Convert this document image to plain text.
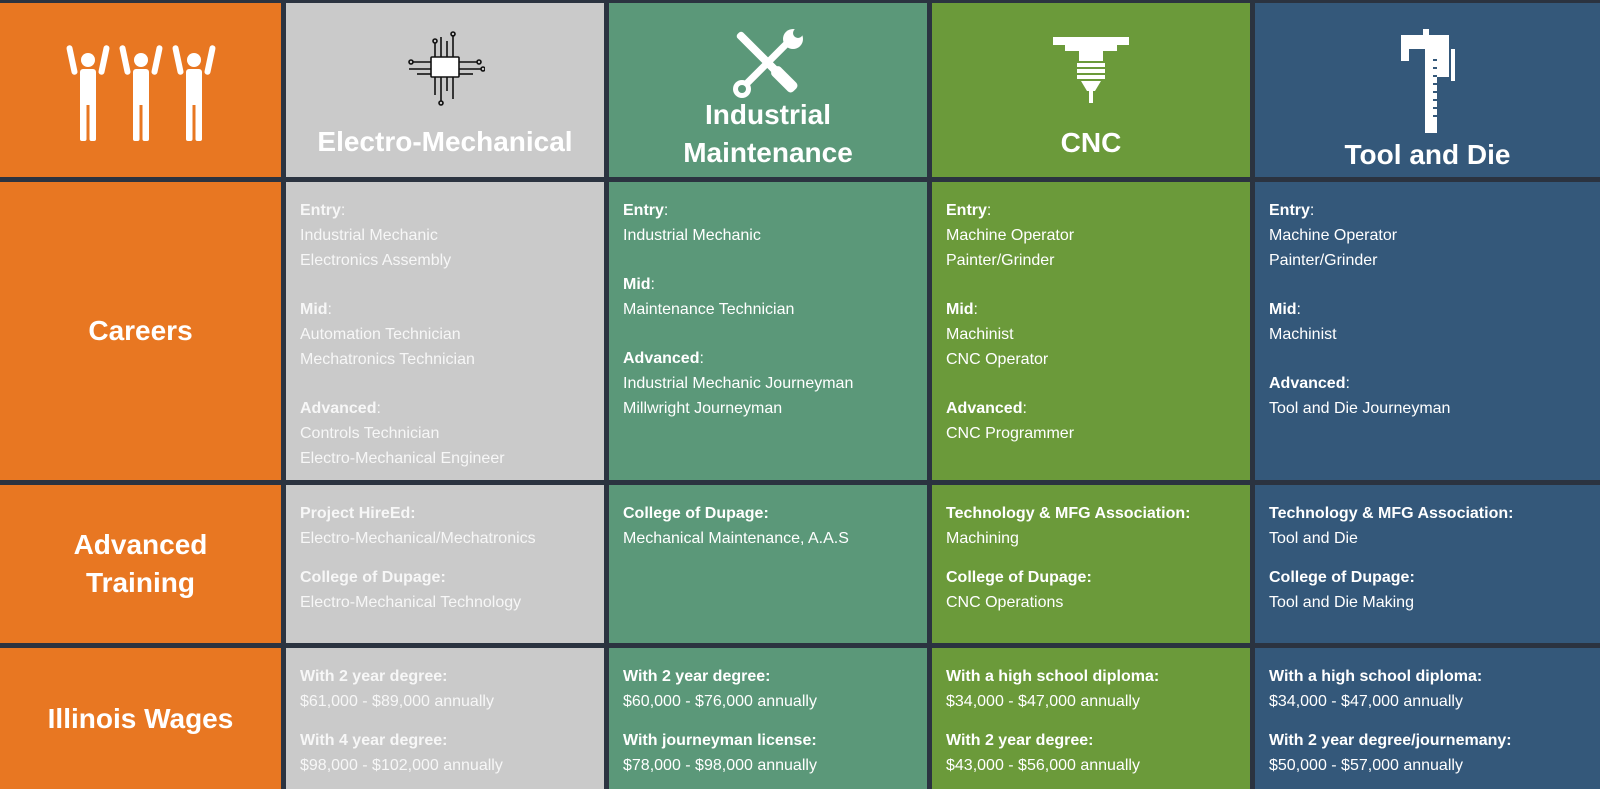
Electro-Mechanical
Industrial
Maintenance	CNC	Tool and Die
Careers
Entry:
Industrial Mechanic
Electronics Assembly
Mid:
Automation Technician
Mechatronics Technician
Advanced:
Controls Technician
Electro-Mechanical Engineer
Entry:
Industrial Mechanic
Mid:
Maintenance Technician
Advanced:
Industrial Mechanic Journeyman
Millwright Journeyman
Entry:
Machine Operator
Painter/Grinder
Mid:
Machinist
CNC Operator
Advanced:
CNC Programmer
Entry:
Machine Operator
Painter/Grinder
Mid:
Machinist
Advanced:
Tool and Die Journeyman
Advanced
Training
Project HireEd:
Electro-Mechanical/Mechatronics
College of Dupage:
Electro-Mechanical Technology
College of Dupage:
Mechanical Maintenance, A.A.S
Technology & MFG Association:
Machining
College of Dupage:
CNC Operations
Technology & MFG Association:
Tool and Die
College of Dupage:
Tool and Die Making
Illinois Wages
With 2 year degree:
$61,000 - $89,000 annually
With 4 year degree:
$98,000 - $102,000 annually
With 2 year degree:
$60,000 - $76,000 annually
With journeyman license:
$78,000 - $98,000 annually
With a high school diploma:
$34,000 - $47,000 annually
With 2 year degree:
$43,000 - $56,000 annually
With a high school diploma:
$34,000 - $47,000 annually
With 2 year degree/journemany:
$50,000 - $57,000 annually
